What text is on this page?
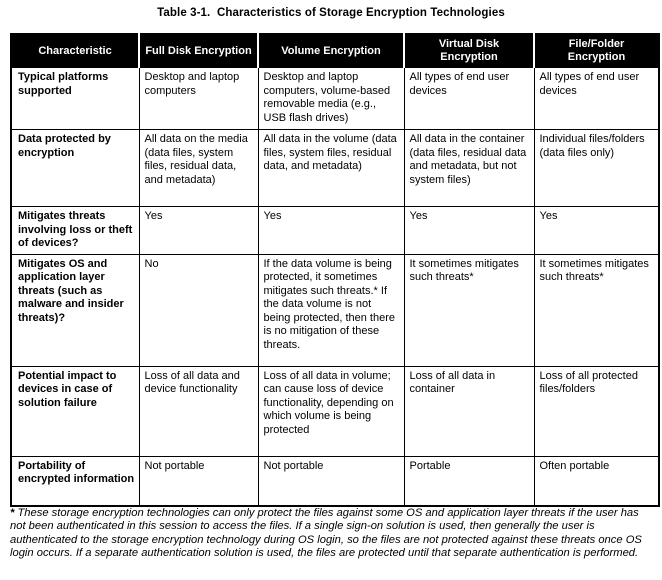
Table 3-1.  Characteristics of Storage Encryption Technologies
Characteristic	Full Disk Encryption	Volume Encryption	Virtual Disk Encryption	File/Folder Encryption
Typical platforms supported	Desktop and laptop computers	Desktop and laptop computers, volume-based removable media (e.g., USB flash drives)	All types of end user devices	All types of end user devices
Data protected by encryption	All data on the media (data files, system files, residual data, and metadata)	All data in the volume (data files, system files, residual data, and metadata)	All data in the container (data files, residual data and metadata, but not system files)	Individual files/folders (data files only)
Mitigates threats involving loss or theft of devices?	Yes	Yes	Yes	Yes
Mitigates OS and application layer threats (such as malware and insider threats)?	No	If the data volume is being protected, it sometimes mitigates such threats.* If the data volume is not being protected, then there is no mitigation of these threats.	It sometimes mitigates such threats*	It sometimes mitigates such threats*
Potential impact to devices in case of solution failure	Loss of all data and device functionality	Loss of all data in volume; can cause loss of device functionality, depending on which volume is being protected	Loss of all data in container	Loss of all protected files/folders
Portability of encrypted information	Not portable	Not portable	Portable	Often portable

* These storage encryption technologies can only protect the files against some OS and application layer threats if the user has not been authenticated in this session to access the files. If a single sign-on solution is used, then generally the user is authenticated to the storage encryption technology during OS login, so the files are not protected against these threats once OS login occurs. If a separate authentication solution is used, the files are protected until that separate authentication is performed.
